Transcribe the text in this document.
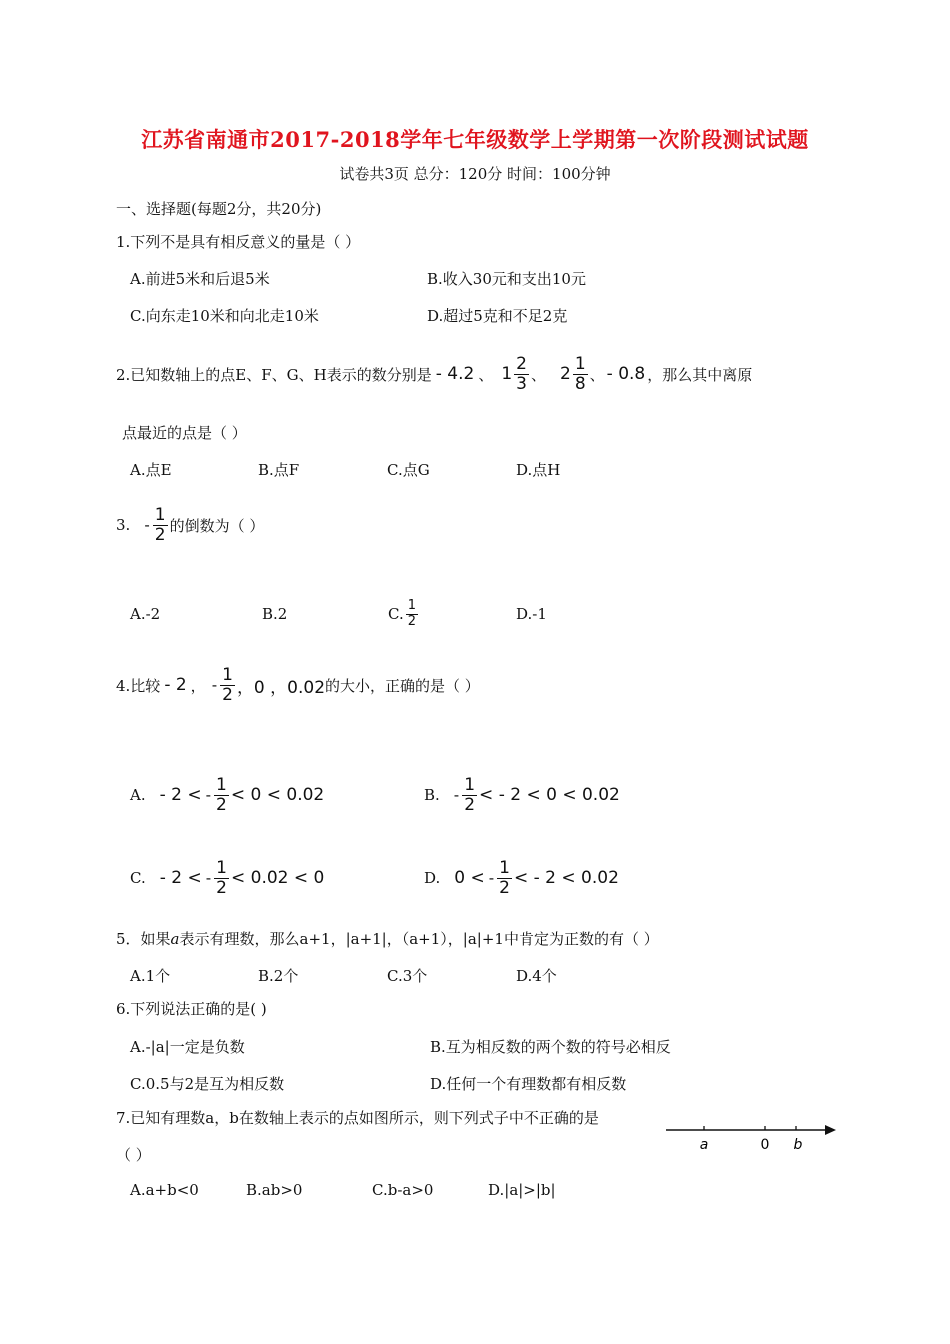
江苏省南通市2017-2018学年七年级数学上学期第一次阶段测试试题
试卷共3页 总分：120分 时间：100分钟
一、选择题(每题2分，共20分)
1.下列不是具有相反意义的量是（ ）
A.前进5米和后退5米	B.收入30元和支出10元
C.向东走10米和向北走10米	D.超过5克和不足2克
2.已知数轴上的点E、F、G、H表示的数分别是 - 4.2 、 $1 \frac{2}{3}$ 、 $2 \frac{1}{8}$ 、 - 0.8 ，那么其中离原
点最近的点是（ ）
A.点E	B.点F	C.点G	D.点H
3. - $\frac{1}{2}$ 的倒数为（ ）
A.-2	B.2	C. $\frac{1}{2}$	D.-1
4.比较 - 2 ， - $\frac{1}{2}$ ，0 ，0.02 的大小，正确的是（ ）
A. - 2 < - $\frac{1}{2} < 0 < 0.02$	B. - $\frac{1}{2}$ < - 2 < 0 < 0.02
C. - 2 < - $\frac{1}{2} < 0.02 < 0$	D. 0 < - $\frac{1}{2}$ < - 2 < 0.02
5．如果a表示有理数，那么a+1，|a+1|，（a+1），|a|+1中肯定为正数的有（ ）
A.1个	B.2个	C.3个	D.4个
6.下列说法正确的是( )
A.-|a|一定是负数	B.互为相反数的两个数的符号必相反
C.0.5与2是互为相反数	D.任何一个有理数都有相反数
7.已知有理数a，b在数轴上表示的点如图所示，则下列式子中不正确的是
（ ）
a	0 b
A.a+b<0	B.ab>0	C.b-a>0	D.|a|>|b|
